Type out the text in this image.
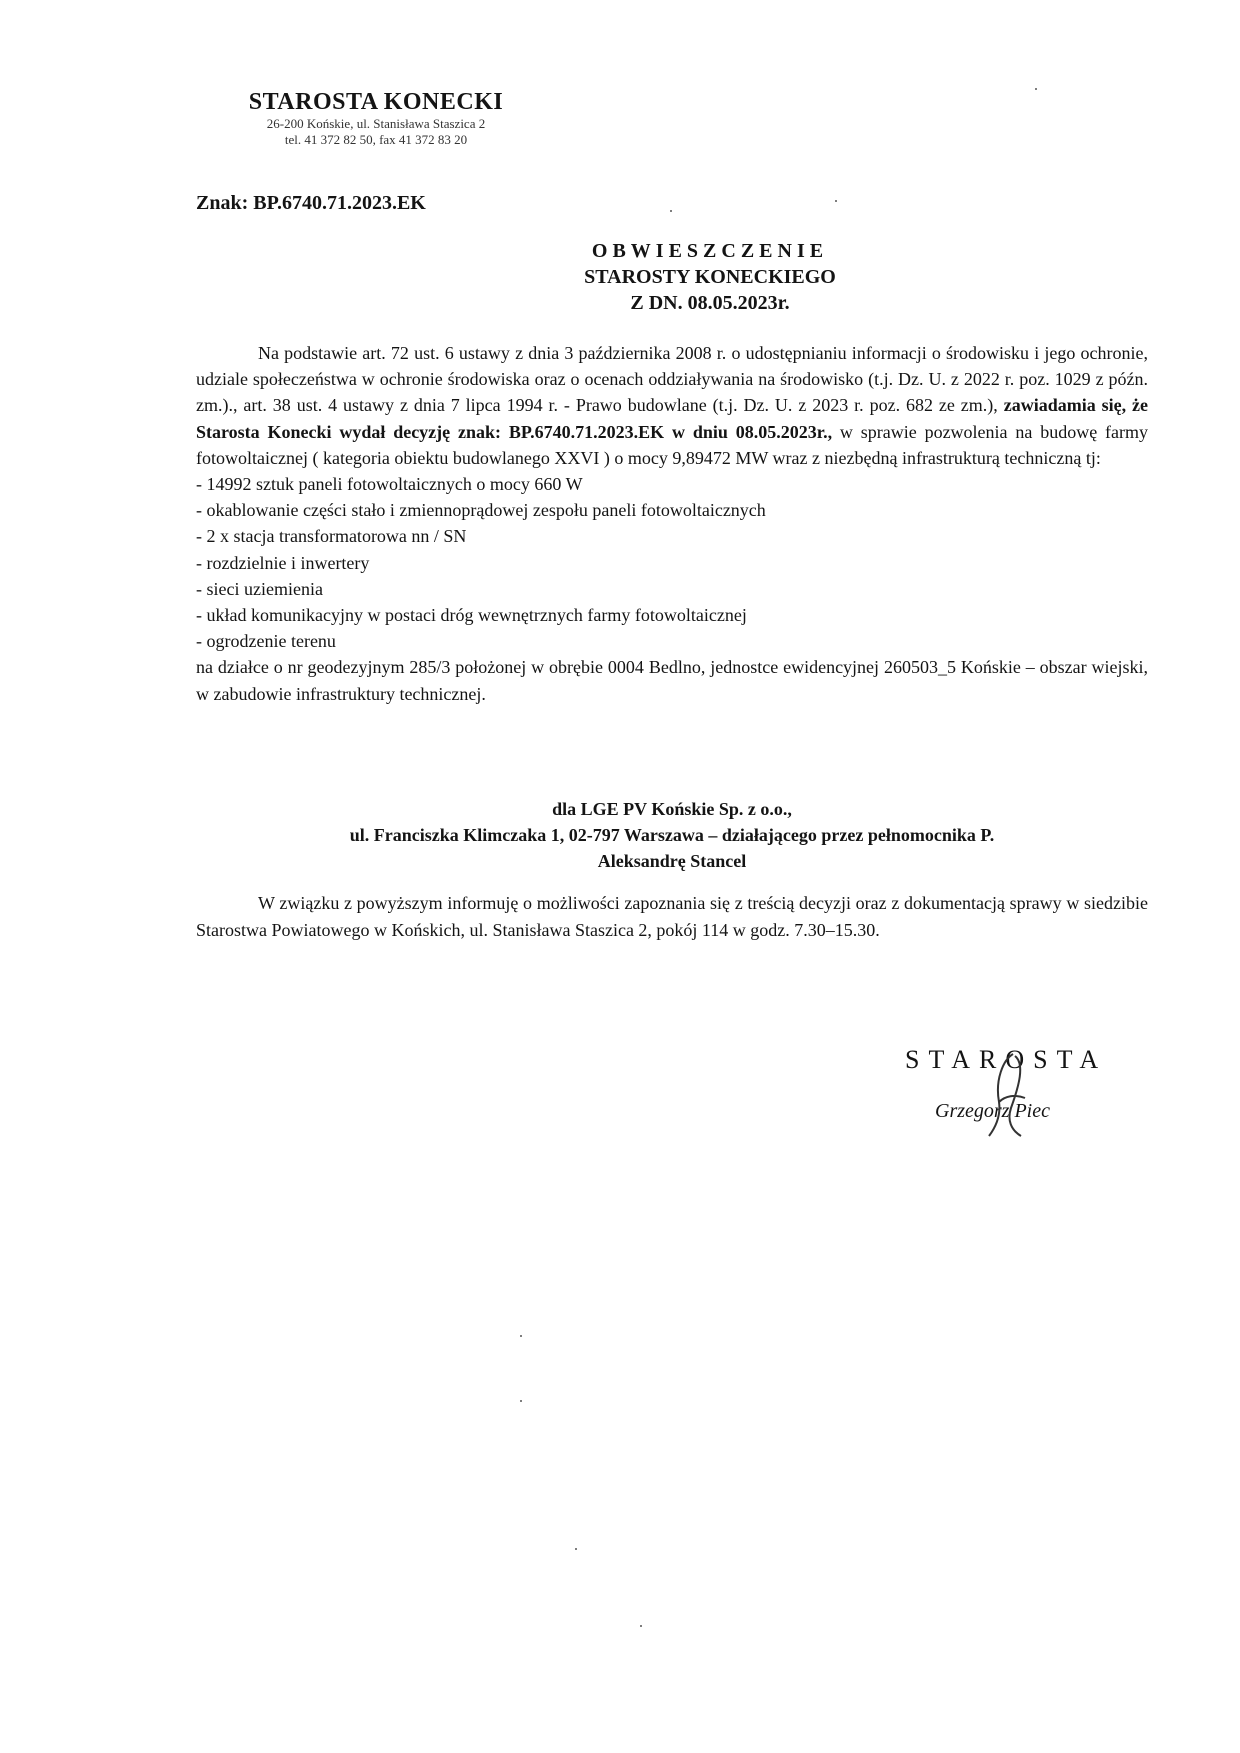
STAROSTA KONECKI
26-200 Końskie, ul. Stanisława Staszica 2
tel. 41 372 82 50, fax 41 372 83 20
Znak: BP.6740.71.2023.EK
OBWIESZCZENIE
STAROSTY KONECKIEGO
Z DN. 08.05.2023r.

Na podstawie art. 72 ust. 6 ustawy z dnia 3 października 2008 r. o udostępnianiu informacji o środowisku i jego ochronie, udziale społeczeństwa w ochronie środowiska oraz o ocenach oddziaływania na środowisko (t.j. Dz. U. z 2022 r. poz. 1029 z późn. zm.)., art. 38 ust. 4 ustawy z dnia 7 lipca 1994 r. - Prawo budowlane (t.j. Dz. U. z 2023 r. poz. 682 ze zm.), zawiadamia się, że Starosta Konecki wydał decyzję znak: BP.6740.71.2023.EK w dniu 08.05.2023r., w sprawie pozwolenia na budowę farmy fotowoltaicznej ( kategoria obiektu budowlanego XXVI ) o mocy 9,89472 MW wraz z niezbędną infrastrukturą techniczną tj:

- 14992 sztuk paneli fotowoltaicznych o mocy 660 W
- okablowanie części stało i zmiennoprądowej zespołu paneli fotowoltaicznych
- 2 x stacja transformatorowa nn / SN
- rozdzielnie i inwertery
- sieci uziemienia
- układ komunikacyjny w postaci dróg wewnętrznych farmy fotowoltaicznej
- ogrodzenie terenu

na działce o nr geodezyjnym 285/3 położonej w obrębie 0004 Bedlno, jednostce ewidencyjnej 260503_5 Końskie – obszar wiejski, w zabudowie infrastruktury technicznej.

dla LGE PV Końskie Sp. z o.o.,
ul. Franciszka Klimczaka 1, 02-797 Warszawa – działającego przez pełnomocnika P.
Aleksandrę Stancel
W związku z powyższym informuję o możliwości zapoznania się z treścią decyzji oraz z dokumentacją sprawy w siedzibie Starostwa Powiatowego w Końskich, ul. Stanisława Staszica 2, pokój 114 w godz. 7.30–15.30.
STAROSTA
Grzegorz Piec
